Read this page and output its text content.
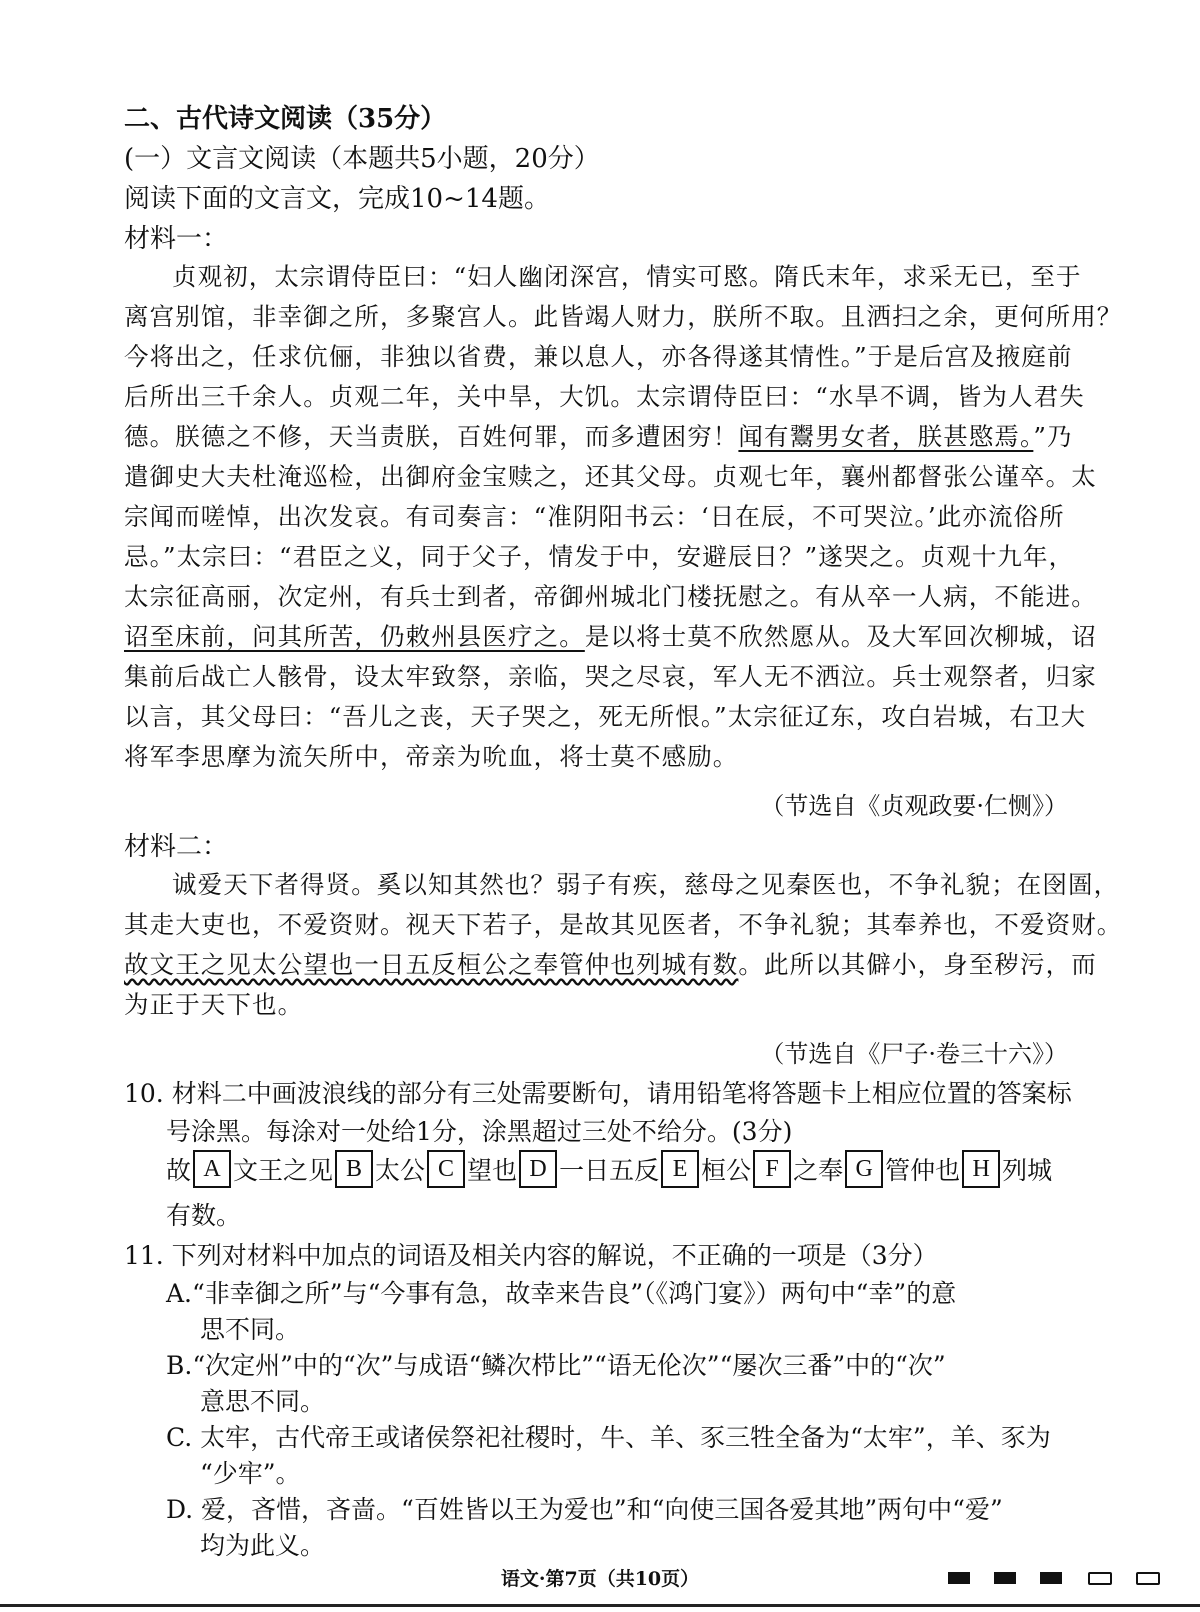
二、古代诗文阅读（35分）
(一）文言文阅读（本题共5小题，20分）
阅读下面的文言文，完成10~14题。
材料一：
贞观初，太宗谓侍臣曰：“妇人幽闭深宫，情实可愍。隋氏末年，求采无已，至于
离宫别馆，非幸御之所，多聚宫人。此皆竭人财力，朕所不取。且洒扫之余，更何所用？
今将出之，任求伉俪，非独以省费，兼以息人，亦各得遂其情性。”于是后宫及掖庭前
后所出三千余人。贞观二年，关中旱，大饥。太宗谓侍臣曰：“水旱不调，皆为人君失
德。朕德之不修，天当责朕，百姓何罪，而多遭困穷！闻有鬻男女者，朕甚愍焉。”乃
遣御史大夫杜淹巡检，出御府金宝赎之，还其父母。贞观七年，襄州都督张公谨卒。太
宗闻而嗟悼，出次发哀。有司奏言：“准阴阳书云：‘日在辰，不可哭泣。’此亦流俗所
忌。”太宗曰：“君臣之义，同于父子，情发于中，安避辰日？”遂哭之。贞观十九年，
太宗征高丽，次定州，有兵士到者，帝御州城北门楼抚慰之。有从卒一人病，不能进。
诏至床前，问其所苦，仍敕州县医疗之。是以将士莫不欣然愿从。及大军回次柳城，诏
集前后战亡人骸骨，设太牢致祭，亲临，哭之尽哀，军人无不洒泣。兵士观祭者，归家
以言，其父母曰：“吾儿之丧，天子哭之，死无所恨。”太宗征辽东，攻白岩城，右卫大
将军李思摩为流矢所中，帝亲为吮血，将士莫不感励。
（节选自《贞观政要·仁恻》）
材料二：
诚爱天下者得贤。奚以知其然也？弱子有疾，慈母之见秦医也，不争礼貌；在囹圄，
其走大吏也，不爱资财。视天下若子，是故其见医者，不争礼貌；其奉养也，不爱资财。
故文王之见太公望也一日五反桓公之奉管仲也列城有数。此所以其僻小，身至秽污，而
为正于天下也。
（节选自《尸子·卷三十六》）
10. 材料二中画波浪线的部分有三处需要断句，请用铅笔将答题卡上相应位置的答案标
号涂黑。每涂对一处给1分，涂黑超过三处不给分。(3分)
故 A 文王之见 B 太公 C 望也 D 一日五反 E 桓公 F 之奉 G 管仲也 H 列城
有数。
11. 下列对材料中加点的词语及相关内容的解说，不正确的一项是（3分）
A.“非幸御之所”与“今事有急，故幸来告良”（《鸿门宴》）两句中“幸”的意
思不同。
B.“次定州”中的“次”与成语“鳞次栉比”“语无伦次”“屡次三番”中的“次”
意思不同。
C. 太牢，古代帝王或诸侯祭祀社稷时，牛、羊、豕三牲全备为“太牢”，羊、豕为
“少牢”。
D. 爱，吝惜，吝啬。“百姓皆以王为爱也”和“向使三国各爱其地”两句中“爱”
均为此义。
语文·第7页（共10页）
